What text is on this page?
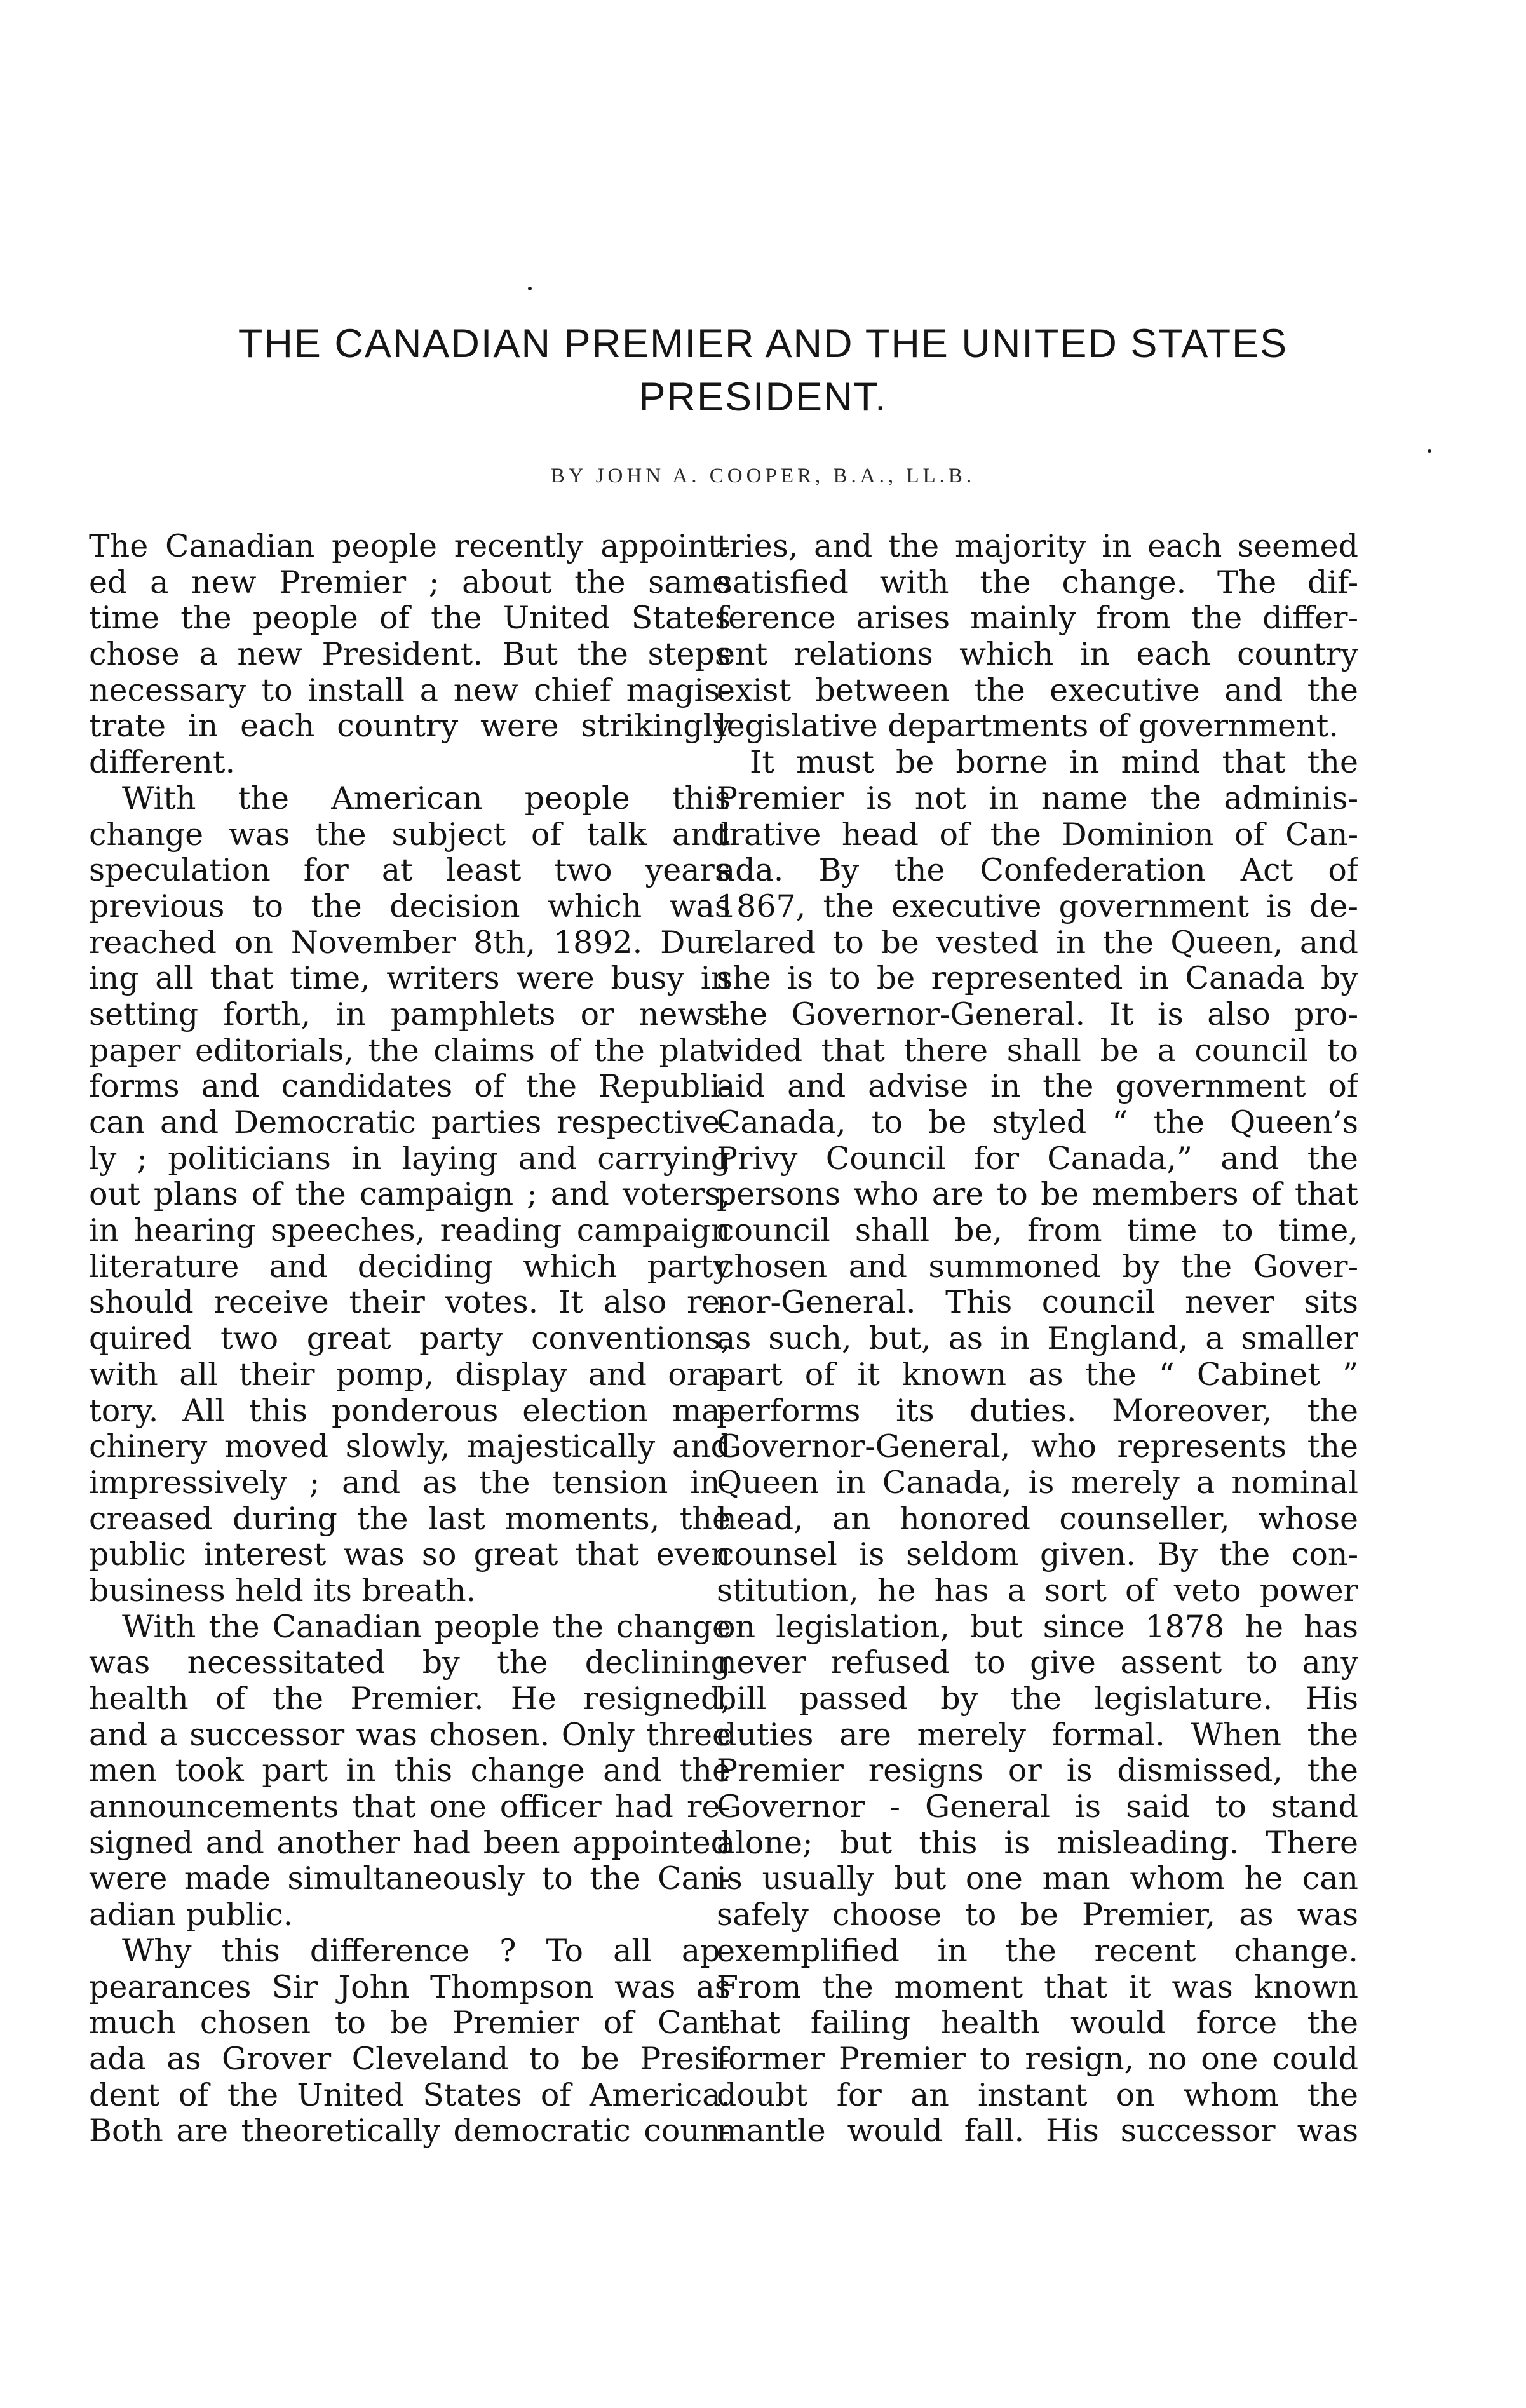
THE CANADIAN PREMIER AND THE UNITED STATES
PRESIDENT.
BY JOHN A. COOPER, B.A., LL.B.
The Canadian people recently appoint-
ed a new Premier ; about the same
time the people of the United States
chose a new President. But the steps
necessary to install a new chief magis-
trate in each country were strikingly
different.
With the American people this
change was the subject of talk and
speculation for at least two years
previous to the decision which was
reached on November 8th, 1892. Dur-
ing all that time, writers were busy in
setting forth, in pamphlets or news-
paper editorials, the claims of the plat-
forms and candidates of the Republi-
can and Democratic parties respective-
ly ; politicians in laying and carrying
out plans of the campaign ; and voters,
in hearing speeches, reading campaign
literature and deciding which party
should receive their votes. It also re-
quired two great party conventions,
with all their pomp, display and ora-
tory. All this ponderous election ma-
chinery moved slowly, majestically and
impressively ; and as the tension in-
creased during the last moments, the
public interest was so great that even
business held its breath.
With the Canadian people the change
was necessitated by the declining
health of the Premier. He resigned,
and a successor was chosen. Only three
men took part in this change and the
announcements that one officer had re-
signed and another had been appointed
were made simultaneously to the Can-
adian public.
Why this difference ? To all ap-
pearances Sir John Thompson was as
much chosen to be Premier of Can-
ada as Grover Cleveland to be Presi-
dent of the United States of America.
Both are theoretically democratic coun-
tries, and the majority in each seemed
satisfied with the change. The dif-
ference arises mainly from the differ-
ent relations which in each country
exist between the executive and the
legislative departments of government.
It must be borne in mind that the
Premier is not in name the adminis-
trative head of the Dominion of Can-
ada. By the Confederation Act of
1867, the executive government is de-
clared to be vested in the Queen, and
she is to be represented in Canada by
the Governor-General. It is also pro-
vided that there shall be a council to
aid and advise in the government of
Canada, to be styled “ the Queen’s
Privy Council for Canada,” and the
persons who are to be members of that
council shall be, from time to time,
chosen and summoned by the Gover-
nor-General. This council never sits
as such, but, as in England, a smaller
part of it known as the “ Cabinet ”
performs its duties. Moreover, the
Governor-General, who represents the
Queen in Canada, is merely a nominal
head, an honored counseller, whose
counsel is seldom given. By the con-
stitution, he has a sort of veto power
on legislation, but since 1878 he has
never refused to give assent to any
bill passed by the legislature. His
duties are merely formal. When the
Premier resigns or is dismissed, the
Governor - General is said to stand
alone; but this is misleading. There
is usually but one man whom he can
safely choose to be Premier, as was
exemplified in the recent change.
From the moment that it was known
that failing health would force the
former Premier to resign, no one could
doubt for an instant on whom the
mantle would fall. His successor was
